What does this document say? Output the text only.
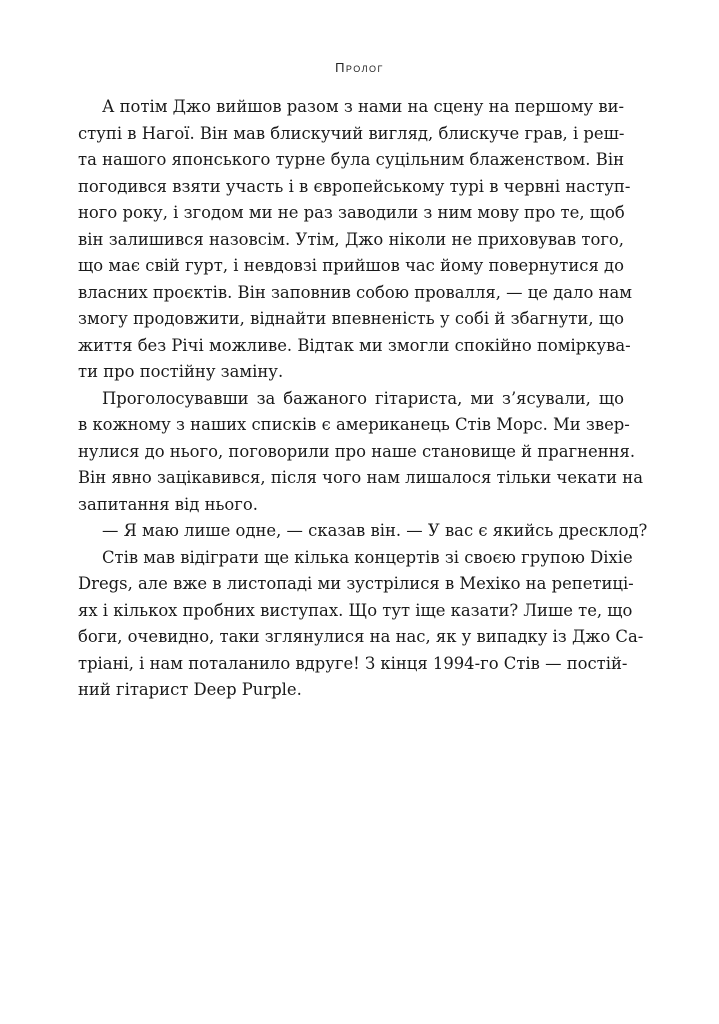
Пролог
А потім Джо вийшов разом з нами на сцену на першому ви-
ступі в Нагої. Він мав блискучий вигляд, блискуче грав, і реш-
та нашого японського турне була суцільним блаженством. Він
погодився взяти участь і в європейському турі в червні наступ-
ного року, і згодом ми не раз заводили з ним мову про те, щоб
він залишився назовсім. Утім, Джо ніколи не приховував того,
що має свій гурт, і невдовзі прийшов час йому повернутися до
власних проєктів. Він заповнив собою провалля, — це дало нам
змогу продовжити, віднайти впевненість у собі й збагнути, що
життя без Річі можливе. Відтак ми змогли спокійно поміркува-
ти про постійну заміну.
Проголосувавши за бажаного гітариста, ми з’ясували, що
в кожному з наших списків є американець Стів Морс. Ми звер-
нулися до нього, поговорили про наше становище й прагнення.
Він явно зацікавився, після чого нам лишалося тільки чекати на
запитання від нього.
— Я маю лише одне, — сказав він. — У вас є якийсь дресклод?
Стів мав відіграти ще кілька концертів зі своєю групою Dixie
Dregs, але вже в листопаді ми зустрілися в Мехіко на репетиці-
ях і кількох пробних виступах. Що тут іще казати? Лише те, що
боги, очевидно, таки зглянулися на нас, як у випадку із Джо Са-
тріані, і нам поталанило вдруге! З кінця 1994-го Стів — постій-
ний гітарист Deep Purple.
